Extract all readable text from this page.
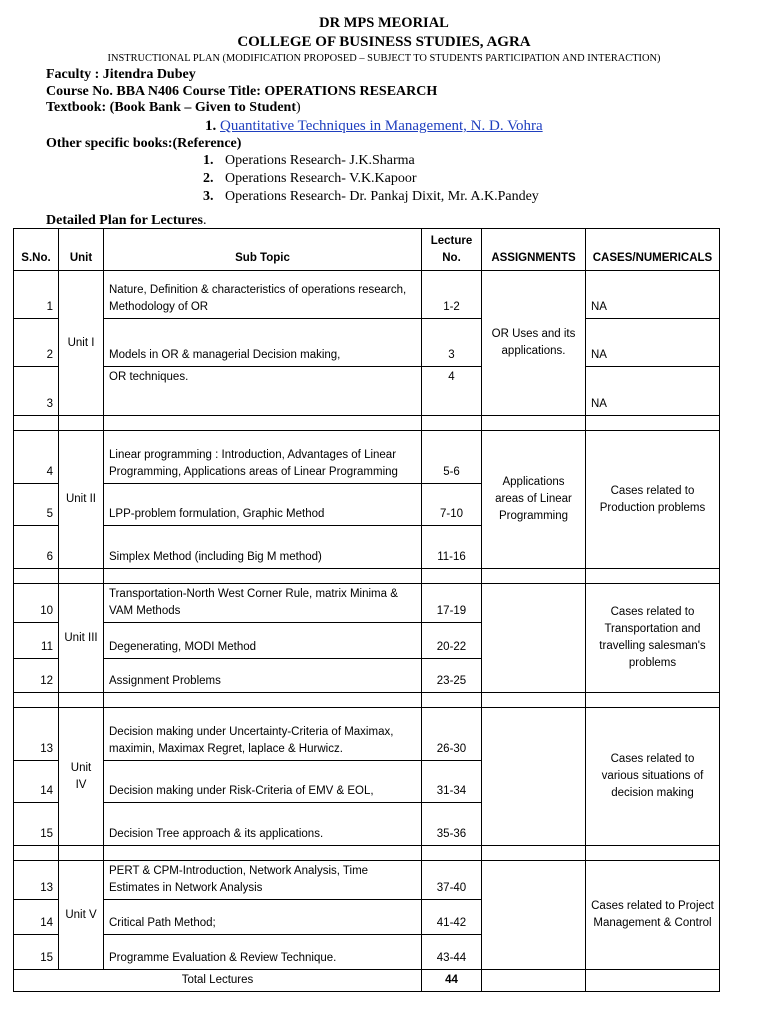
DR MPS MEORIAL
COLLEGE OF BUSINESS STUDIES, AGRA
INSTRUCTIONAL PLAN (MODIFICATION PROPOSED – SUBJECT TO STUDENTS PARTICIPATION AND INTERACTION)
Faculty : Jitendra Dubey
Course No. BBA N406 Course Title: OPERATIONS RESEARCH
Textbook: (Book Bank – Given to Student)
1. Quantitative Techniques in Management, N. D. Vohra
Other specific books:(Reference)
1. Operations Research- J.K.Sharma
2. Operations Research- V.K.Kapoor
3. Operations Research- Dr. Pankaj Dixit, Mr. A.K.Pandey
Detailed Plan for Lectures.
S.No.	Unit	Sub Topic	Lecture No.	ASSIGNMENTS	CASES/NUMERICALS
1	Unit I	Nature, Definition & characteristics of operations research, Methodology of OR	1-2	OR Uses and its applications.	NA
2		Models in OR & managerial Decision making,	3		NA
3		OR techniques.	4		NA

4	Unit II	Linear programming : Introduction, Advantages of Linear Programming, Applications areas of Linear Programming	5-6	Applications areas of Linear Programming	Cases related to Production problems
5		LPP-problem formulation, Graphic Method	7-10		
6		Simplex Method (including Big M method)	11-16		

10	Unit III	Transportation-North West Corner Rule, matrix Minima & VAM Methods	17-19		Cases related to Transportation and travelling salesman's problems
11		Degenerating, MODI Method	20-22		
12		Assignment Problems	23-25		

13	Unit IV	Decision making under Uncertainty-Criteria of Maximax, maximin, Maximax Regret, laplace & Hurwicz.	26-30		Cases related to various situations of decision making
14		Decision making under Risk-Criteria of EMV & EOL,	31-34		
15		Decision Tree approach & its applications.	35-36		

13	Unit V	PERT & CPM-Introduction, Network Analysis, Time Estimates in Network Analysis	37-40		Cases related to Project Management & Control
14		Critical Path Method;	41-42		
15		Programme Evaluation & Review Technique.	43-44		
Total Lectures			44		
